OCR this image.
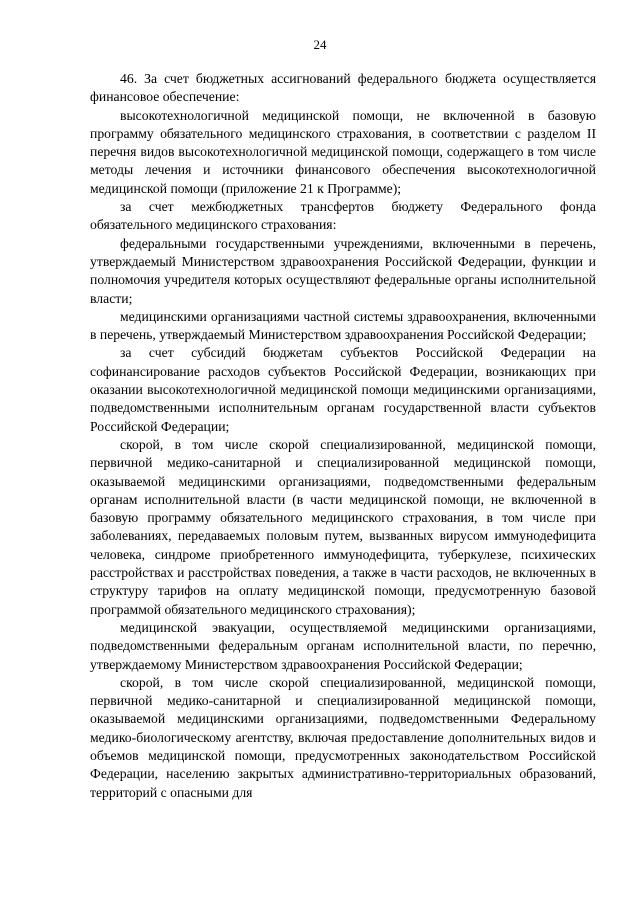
24

46. За счет бюджетных ассигнований федерального бюджета осуществляется финансовое обеспечение:

высокотехнологичной медицинской помощи, не включенной в базовую программу обязательного медицинского страхования, в соответствии с разделом II перечня видов высокотехнологичной медицинской помощи, содержащего в том числе методы лечения и источники финансового обеспечения высокотехнологичной медицинской помощи (приложение 21 к Программе);

за счет межбюджетных трансфертов бюджету Федерального фонда обязательного медицинского страхования:

федеральными государственными учреждениями, включенными в перечень, утверждаемый Министерством здравоохранения Российской Федерации, функции и полномочия учредителя которых осуществляют федеральные органы исполнительной власти;

медицинскими организациями частной системы здравоохранения, включенными в перечень, утверждаемый Министерством здравоохранения Российской Федерации;

за счет субсидий бюджетам субъектов Российской Федерации на софинансирование расходов субъектов Российской Федерации, возникающих при оказании высокотехнологичной медицинской помощи медицинскими организациями, подведомственными исполнительным органам государственной власти субъектов Российской Федерации;

скорой, в том числе скорой специализированной, медицинской помощи, первичной медико-санитарной и специализированной медицинской помощи, оказываемой медицинскими организациями, подведомственными федеральным органам исполнительной власти (в части медицинской помощи, не включенной в базовую программу обязательного медицинского страхования, в том числе при заболеваниях, передаваемых половым путем, вызванных вирусом иммунодефицита человека, синдроме приобретенного иммунодефицита, туберкулезе, психических расстройствах и расстройствах поведения, а также в части расходов, не включенных в структуру тарифов на оплату медицинской помощи, предусмотренную базовой программой обязательного медицинского страхования);

медицинской эвакуации, осуществляемой медицинскими организациями, подведомственными федеральным органам исполнительной власти, по перечню, утверждаемому Министерством здравоохранения Российской Федерации;

скорой, в том числе скорой специализированной, медицинской помощи, первичной медико-санитарной и специализированной медицинской помощи, оказываемой медицинскими организациями, подведомственными Федеральному медико-биологическому агентству, включая предоставление дополнительных видов и объемов медицинской помощи, предусмотренных законодательством Российской Федерации, населению закрытых административно-территориальных образований, территорий с опасными для
